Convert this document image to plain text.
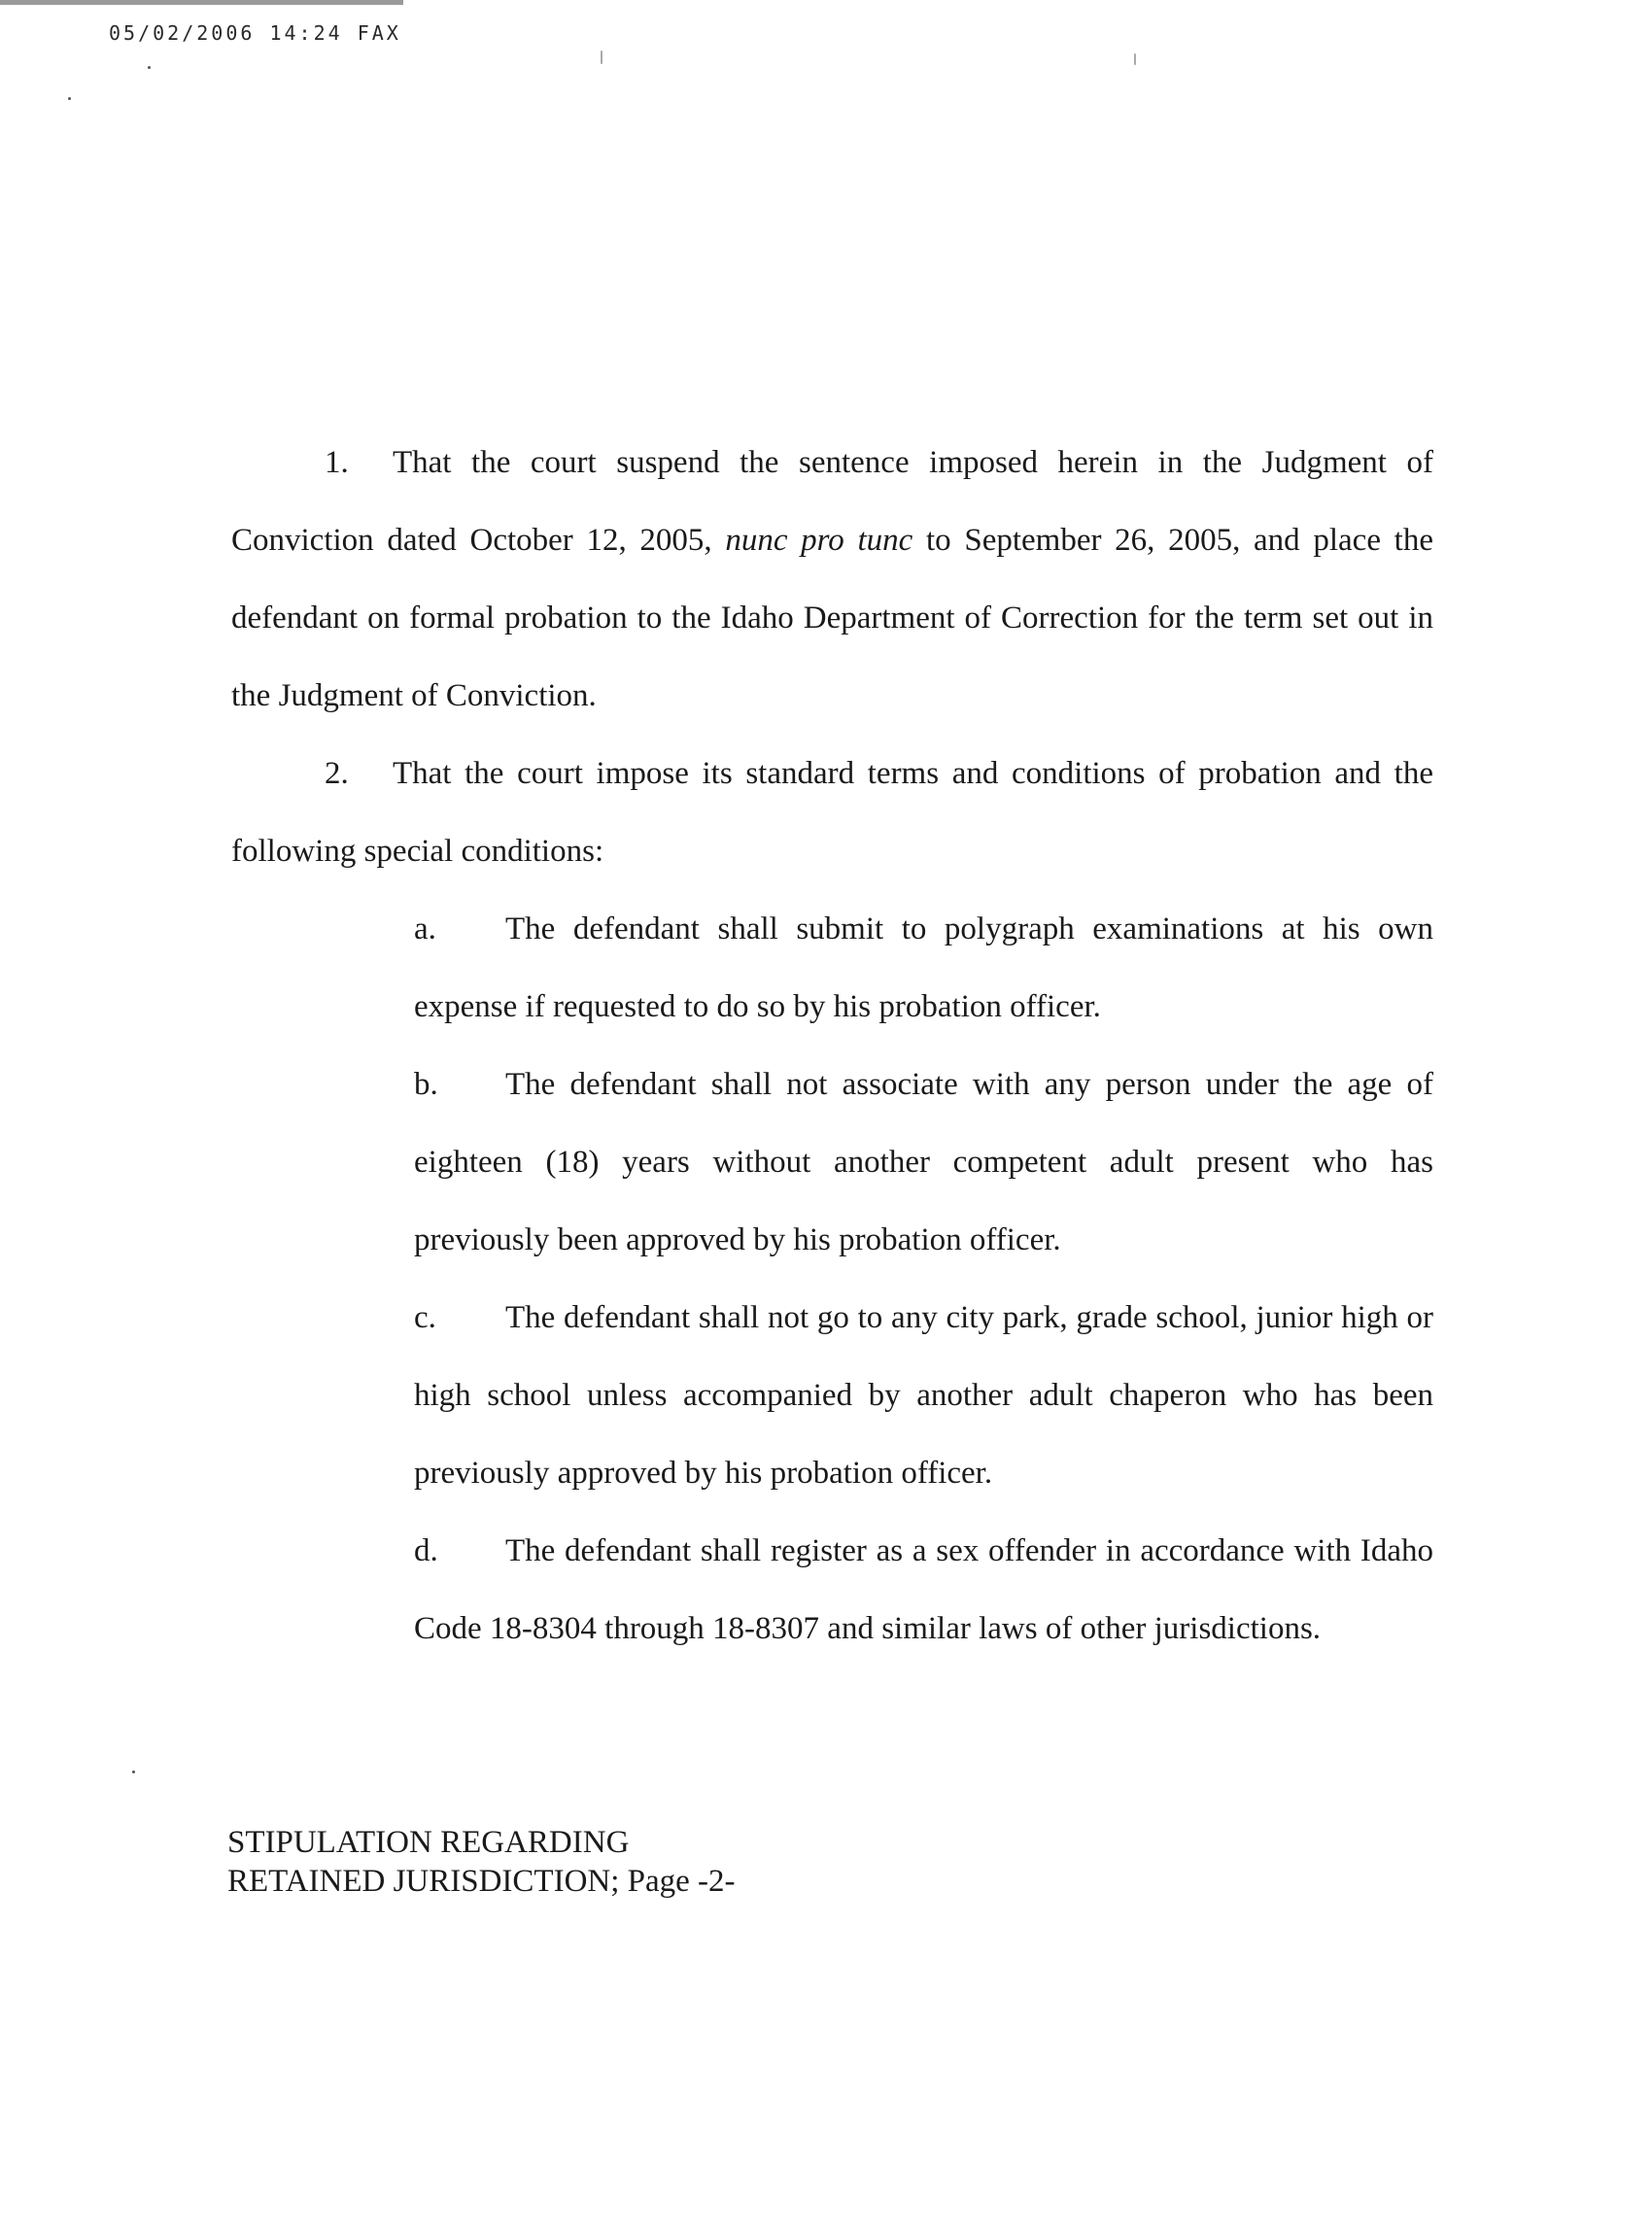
05/02/2006 14:24 FAX

1. That the court suspend the sentence imposed herein in the Judgment of Conviction dated October 12, 2005, nunc pro tunc to September 26, 2005, and place the defendant on formal probation to the Idaho Department of Correction for the term set out in the Judgment of Conviction.

2. That the court impose its standard terms and conditions of probation and the following special conditions:

a. The defendant shall submit to polygraph examinations at his own expense if requested to do so by his probation officer.

b. The defendant shall not associate with any person under the age of eighteen (18) years without another competent adult present who has previously been approved by his probation officer.

c. The defendant shall not go to any city park, grade school, junior high or high school unless accompanied by another adult chaperon who has been previously approved by his probation officer.

d. The defendant shall register as a sex offender in accordance with Idaho Code 18-8304 through 18-8307 and similar laws of other jurisdictions.

STIPULATION REGARDING
RETAINED JURISDICTION; Page -2-
